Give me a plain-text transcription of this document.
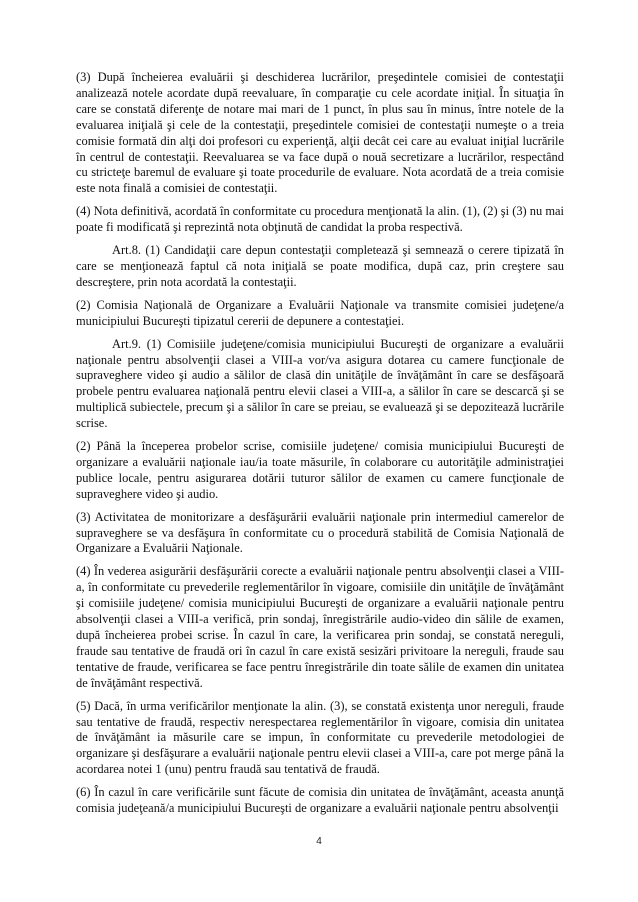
(3) După încheierea evaluării şi deschiderea lucrărilor, preşedintele comisiei de contestaţii analizează notele acordate după reevaluare, în comparaţie cu cele acordate iniţial. În situaţia în care se constată diferenţe de notare mai mari de 1 punct, în plus sau în minus, între notele de la evaluarea iniţială şi cele de la contestaţii, preşedintele comisiei de contestaţii numeşte o a treia comisie formată din alţi doi profesori cu experienţă, alţii decât cei care au evaluat iniţial lucrările în centrul de contestaţii. Reevaluarea se va face după o nouă secretizare a lucrărilor, respectând cu stricteţe baremul de evaluare şi toate procedurile de evaluare. Nota acordată de a treia comisie este nota finală a comisiei de contestaţii.

(4) Nota definitivă, acordată în conformitate cu procedura menţionată la alin. (1), (2) şi (3) nu mai poate fi modificată şi reprezintă nota obţinută de candidat la proba respectivă.

Art.8. (1) Candidaţii care depun contestaţii completează şi semnează o cerere tipizată în care se menţionează faptul că nota iniţială se poate modifica, după caz, prin creştere sau descreştere, prin nota acordată la contestaţii.

(2) Comisia Naţională de Organizare a Evaluării Naţionale va transmite comisiei judeţene/a municipiului Bucureşti tipizatul cererii de depunere a contestaţiei.

Art.9. (1) Comisiile judeţene/comisia municipiului Bucureşti de organizare a evaluării naţionale pentru absolvenţii clasei a VIII-a vor/va asigura dotarea cu camere funcţionale de supraveghere video şi audio a sălilor de clasă din unităţile de învăţământ în care se desfăşoară probele pentru evaluarea naţională pentru elevii clasei a VIII-a, a sălilor în care se descarcă şi se multiplică subiectele, precum şi a sălilor în care se preiau, se evaluează şi se depozitează lucrările scrise.

(2) Până la începerea probelor scrise, comisiile judeţene/ comisia municipiului Bucureşti de organizare a evaluării naţionale iau/ia toate măsurile, în colaborare cu autorităţile administraţiei publice locale, pentru asigurarea dotării tuturor sălilor de examen cu camere funcţionale de supraveghere video şi audio.

(3) Activitatea de monitorizare a desfăşurării evaluării naţionale prin intermediul camerelor de supraveghere se va desfăşura în conformitate cu o procedură stabilită de Comisia Naţională de Organizare a Evaluării Naţionale.

(4) În vederea asigurării desfăşurării corecte a evaluării naţionale pentru absolvenţii clasei a VIII-a, în conformitate cu prevederile reglementărilor în vigoare, comisiile din unităţile de învăţământ şi comisiile judeţene/ comisia municipiului Bucureşti de organizare a evaluării naţionale pentru absolvenţii clasei a VIII-a verifică, prin sondaj, înregistrările audio-video din sălile de examen, după încheierea probei scrise. În cazul în care, la verificarea prin sondaj, se constată nereguli, fraude sau tentative de fraudă ori în cazul în care există sesizări privitoare la nereguli, fraude sau tentative de fraude, verificarea se face pentru înregistrările din toate sălile de examen din unitatea de învăţământ respectivă.

(5) Dacă, în urma verificărilor menţionate la alin. (3), se constată existenţa unor nereguli, fraude sau tentative de fraudă, respectiv nerespectarea reglementărilor în vigoare, comisia din unitatea de învăţământ ia măsurile care se impun, în conformitate cu prevederile metodologiei de organizare şi desfăşurare a evaluării naţionale pentru elevii clasei a VIII-a, care pot merge până la acordarea notei 1 (unu) pentru fraudă sau tentativă de fraudă.

(6) În cazul în care verificările sunt făcute de comisia din unitatea de învăţământ, aceasta anunţă comisia judeţeană/a municipiului Bucureşti de organizare a evaluării naţionale pentru absolvenţii

4
